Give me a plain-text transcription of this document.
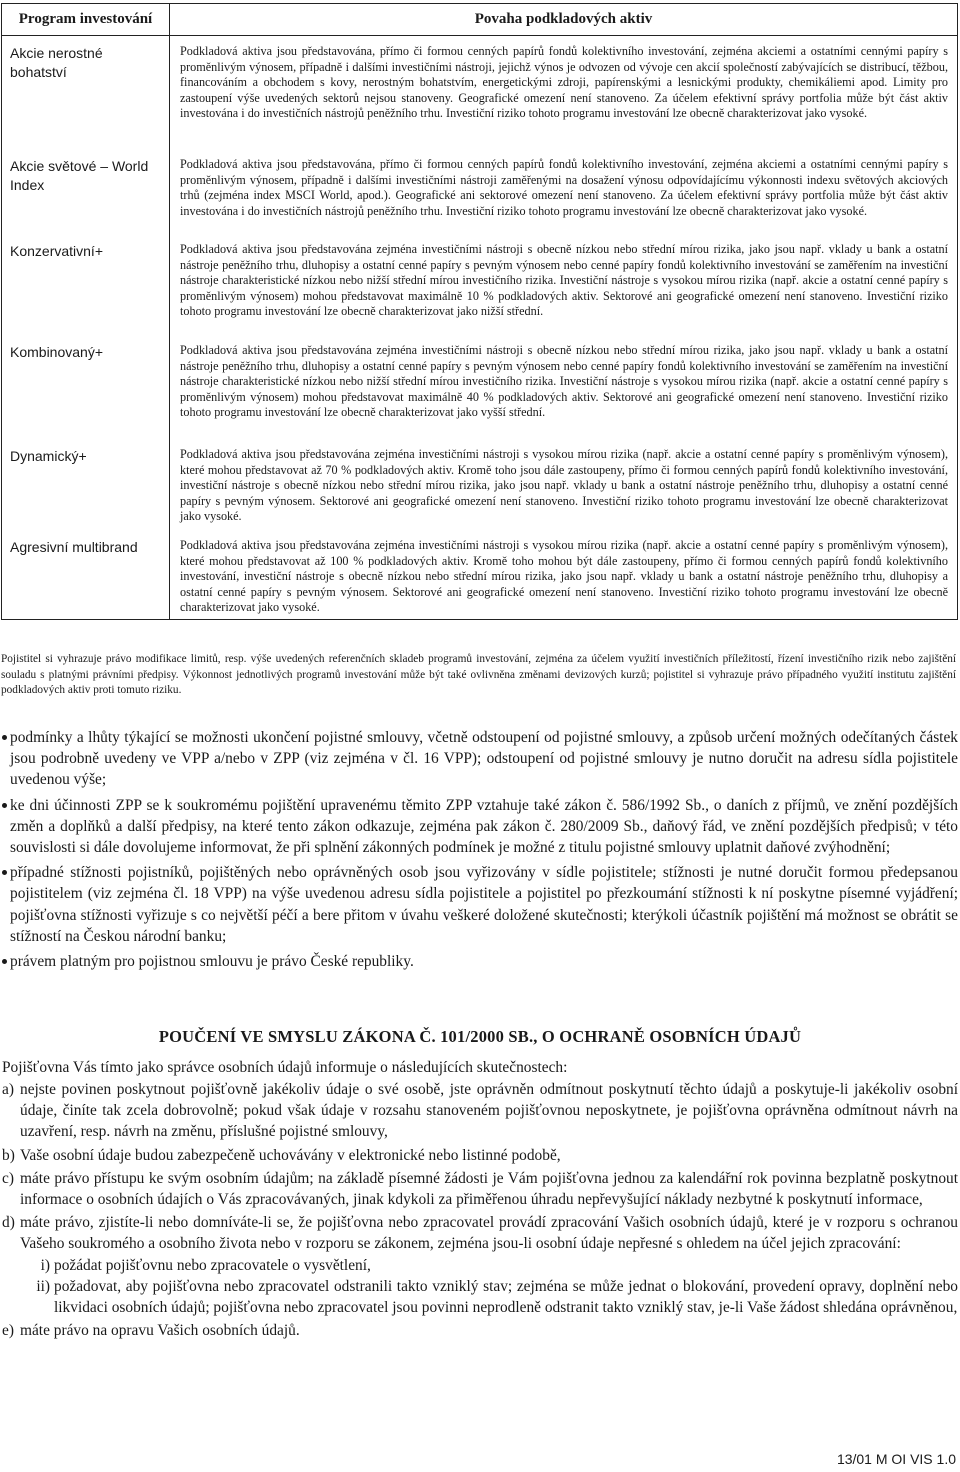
Program investování	Povaha podkladových aktiv
Akcie nerostné bohatství	Podkladová aktiva jsou představována, přímo či formou cenných papírů fondů kolektivního investování, zejména akciemi a ostatními cennými papíry s proměnlivým výnosem, případně i dalšími investičními nástroji, jejichž výnos je odvozen od vývoje cen akcií společností zabývajících se distribucí, těžbou, financováním a obchodem s kovy, nerostným bohatstvím, energetickými zdroji, papírenskými a lesnickými produkty, chemikáliemi apod. Limity pro zastoupení výše uvedených sektorů nejsou stanoveny. Geografické omezení není stanoveno. Za účelem efektivní správy portfolia může být část aktiv investována i do investičních nástrojů peněžního trhu. Investiční riziko tohoto programu investování lze obecně charakterizovat jako vysoké.
Akcie světové – World Index	Podkladová aktiva jsou představována, přímo či formou cenných papírů fondů kolektivního investování, zejména akciemi a ostatními cennými papíry s proměnlivým výnosem, případně i dalšími investičními nástroji zaměřenými na dosažení výnosu odpovídajícímu výkonnosti indexu světových akciových trhů (zejména index MSCI World, apod.). Geografické ani sektorové omezení není stanoveno. Za účelem efektivní správy portfolia může být část aktiv investována i do investičních nástrojů peněžního trhu. Investiční riziko tohoto programu investování lze obecně charakterizovat jako vysoké.
Konzervativní+	Podkladová aktiva jsou představována zejména investičními nástroji s obecně nízkou nebo střední mírou rizika, jako jsou např. vklady u bank a ostatní nástroje peněžního trhu, dluhopisy a ostatní cenné papíry s pevným výnosem nebo cenné papíry fondů kolektivního investování se zaměřením na investiční nástroje charakteristické nízkou nebo nižší střední mírou investičního rizika. Investiční nástroje s vysokou mírou rizika (např. akcie a ostatní cenné papíry s proměnlivým výnosem) mohou představovat maximálně 10 % podkladových aktiv. Sektorové ani geografické omezení není stanoveno. Investiční riziko tohoto programu investování lze obecně charakterizovat jako nižší střední.
Kombinovaný+	Podkladová aktiva jsou představována zejména investičními nástroji s obecně nízkou nebo střední mírou rizika, jako jsou např. vklady u bank a ostatní nástroje peněžního trhu, dluhopisy a ostatní cenné papíry s pevným výnosem nebo cenné papíry fondů kolektivního investování se zaměřením na investiční nástroje charakteristické nízkou nebo nižší střední mírou investičního rizika. Investiční nástroje s vysokou mírou rizika (např. akcie a ostatní cenné papíry s proměnlivým výnosem) mohou představovat maximálně 40 % podkladových aktiv. Sektorové ani geografické omezení není stanoveno. Investiční riziko tohoto programu investování lze obecně charakterizovat jako vyšší střední.
Dynamický+	Podkladová aktiva jsou představována zejména investičními nástroji s vysokou mírou rizika (např. akcie a ostatní cenné papíry s proměnlivým výnosem), které mohou představovat až 70 % podkladových aktiv. Kromě toho jsou dále zastoupeny, přímo či formou cenných papírů fondů kolektivního investování, investiční nástroje s obecně nízkou nebo střední mírou rizika, jako jsou např. vklady u bank a ostatní nástroje peněžního trhu, dluhopisy a ostatní cenné papíry s pevným výnosem. Sektorové ani geografické omezení není stanoveno. Investiční riziko tohoto programu investování lze obecně charakterizovat jako vysoké.
Agresivní multibrand	Podkladová aktiva jsou představována zejména investičními nástroji s vysokou mírou rizika (např. akcie a ostatní cenné papíry s proměnlivým výnosem), které mohou představovat až 100 % podkladových aktiv. Kromě toho mohou být dále zastoupeny, přímo či formou cenných papírů fondů kolektivního investování, investiční nástroje s obecně nízkou nebo střední mírou rizika, jako jsou např. vklady u bank a ostatní nástroje peněžního trhu, dluhopisy a ostatní cenné papíry s pevným výnosem. Sektorové ani geografické omezení není stanoveno. Investiční riziko tohoto programu investování lze obecně charakterizovat jako vysoké.
Pojistitel si vyhrazuje právo modifikace limitů, resp. výše uvedených referenčních skladeb programů investování, zejména za účelem využití investičních příležitostí, řízení investičního rizik nebo zajištění souladu s platnými právními předpisy. Výkonnost jednotlivých programů investování může být také ovlivněna změnami devizových kurzů; pojistitel si vyhrazuje právo případného využití institutu zajištění podkladových aktiv proti tomuto riziku.
podmínky a lhůty týkající se možnosti ukončení pojistné smlouvy, včetně odstoupení od pojistné smlouvy, a způsob určení možných odečítaných částek jsou podrobně uvedeny ve VPP a/nebo v ZPP (viz zejména v čl. 16 VPP); odstoupení od pojistné smlouvy je nutno doručit na adresu sídla pojistitele uvedenou výše;
ke dni účinnosti ZPP se k soukromému pojištění upravenému těmito ZPP vztahuje také zákon č. 586/1992 Sb., o daních z příjmů, ve znění pozdějších změn a doplňků a další předpisy, na které tento zákon odkazuje, zejména pak zákon č. 280/2009 Sb., daňový řád, ve znění pozdějších předpisů; v této souvislosti si dále dovolujeme informovat, že při splnění zákonných podmínek je možné z titulu pojistné smlouvy uplatnit daňové zvýhodnění;
případné stížnosti pojistníků, pojištěných nebo oprávněných osob jsou vyřizovány v sídle pojistitele; stížnosti je nutné doručit formou předepsanou pojistitelem (viz zejména čl. 18 VPP) na výše uvedenou adresu sídla pojistitele a pojistitel po přezkoumání stížnosti k ní poskytne písemné vyjádření; pojišťovna stížnosti vyřizuje s co největší péčí a bere přitom v úvahu veškeré doložené skutečnosti; kterýkoli účastník pojištění má možnost se obrátit se stížností na Českou národní banku;
právem platným pro pojistnou smlouvu je právo České republiky.
POUČENÍ VE SMYSLU ZÁKONA Č. 101/2000 SB., O OCHRANĚ OSOBNÍCH ÚDAJŮ
Pojišťovna Vás tímto jako správce osobních údajů informuje o následujících skutečnostech:
a) nejste povinen poskytnout pojišťovně jakékoliv údaje o své osobě, jste oprávněn odmítnout poskytnutí těchto údajů a poskytuje-li jakékoliv osobní údaje, činíte tak zcela dobrovolně; pokud však údaje v rozsahu stanoveném pojišťovnou neposkytnete, je pojišťovna oprávněna odmítnout návrh na uzavření, resp. návrh na změnu, příslušné pojistné smlouvy,
b) Vaše osobní údaje budou zabezpečeně uchovávány v elektronické nebo listinné podobě,
c) máte právo přístupu ke svým osobním údajům; na základě písemné žádosti je Vám pojišťovna jednou za kalendářní rok povinna bezplatně poskytnout informace o osobních údajích o Vás zpracovávaných, jinak kdykoli za přiměřenou úhradu nepřevyšující náklady nezbytné k poskytnutí informace,
d) máte právo, zjistíte-li nebo domníváte-li se, že pojišťovna nebo zpracovatel provádí zpracování Vašich osobních údajů, které je v rozporu s ochranou Vašeho soukromého a osobního života nebo v rozporu se zákonem, zejména jsou-li osobní údaje nepřesné s ohledem na účel jejich zpracování:
i) požádat pojišťovnu nebo zpracovatele o vysvětlení,
ii) požadovat, aby pojišťovna nebo zpracovatel odstranili takto vzniklý stav; zejména se může jednat o blokování, provedení opravy, doplnění nebo likvidaci osobních údajů; pojišťovna nebo zpracovatel jsou povinni neprodleně odstranit takto vzniklý stav, je-li Vaše žádost shledána oprávněnou,
e) máte právo na opravu Vašich osobních údajů.
13/01 M OI VIS 1.0
